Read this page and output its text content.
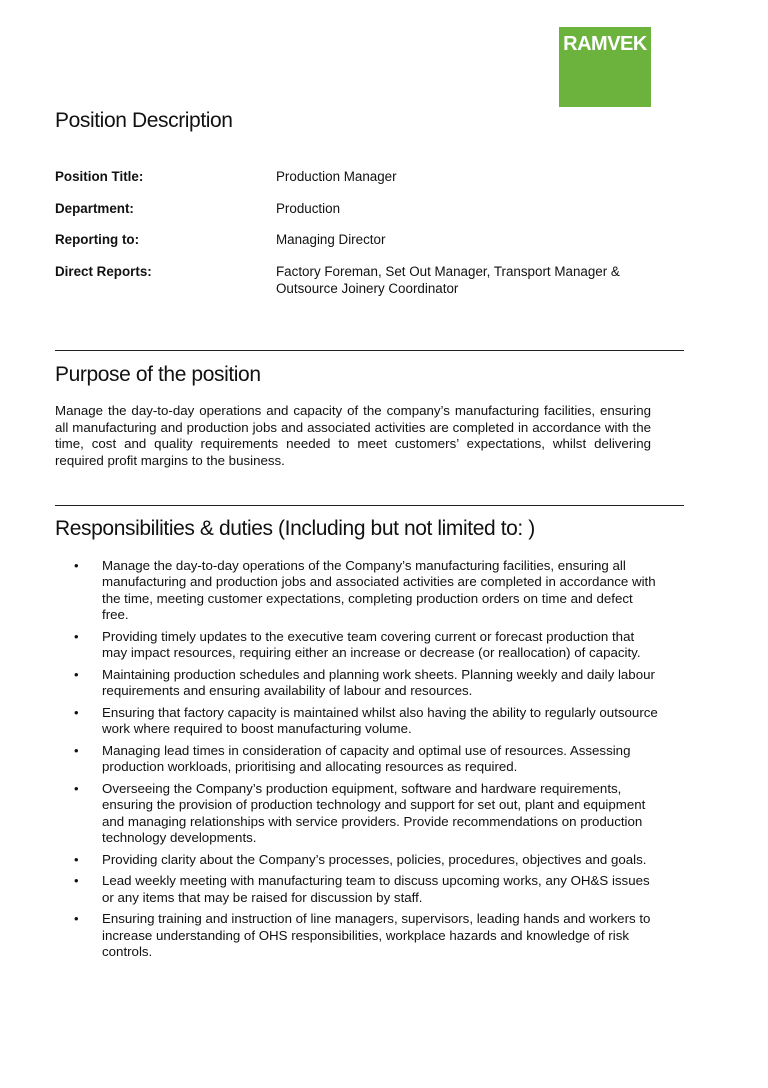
RAMVEK
Position Description
Position Title:	Production Manager
Department:	Production
Reporting to:	Managing Director
Direct Reports:	Factory Foreman, Set Out Manager, Transport Manager & Outsource Joinery Coordinator
Purpose of the position

Manage the day-to-day operations and capacity of the company’s manufacturing facilities, ensuring all manufacturing and production jobs and associated activities are completed in accordance with the time, cost and quality requirements needed to meet customers’ expectations, whilst delivering required profit margins to the business.

Responsibilities & duties (Including but not limited to: )
• Manage the day-to-day operations of the Company’s manufacturing facilities, ensuring all manufacturing and production jobs and associated activities are completed in accordance with the time, meeting customer expectations, completing production orders on time and defect free.
• Providing timely updates to the executive team covering current or forecast production that may impact resources, requiring either an increase or decrease (or reallocation) of capacity.
• Maintaining production schedules and planning work sheets. Planning weekly and daily labour requirements and ensuring availability of labour and resources.
• Ensuring that factory capacity is maintained whilst also having the ability to regularly outsource work where required to boost manufacturing volume.
• Managing lead times in consideration of capacity and optimal use of resources. Assessing production workloads, prioritising and allocating resources as required.
• Overseeing the Company’s production equipment, software and hardware requirements, ensuring the provision of production technology and support for set out, plant and equipment and managing relationships with service providers. Provide recommendations on production technology developments.
• Providing clarity about the Company’s processes, policies, procedures, objectives and goals.
• Lead weekly meeting with manufacturing team to discuss upcoming works, any OH&S issues or any items that may be raised for discussion by staff.
• Ensuring training and instruction of line managers, supervisors, leading hands and workers to increase understanding of OHS responsibilities, workplace hazards and knowledge of risk controls.
